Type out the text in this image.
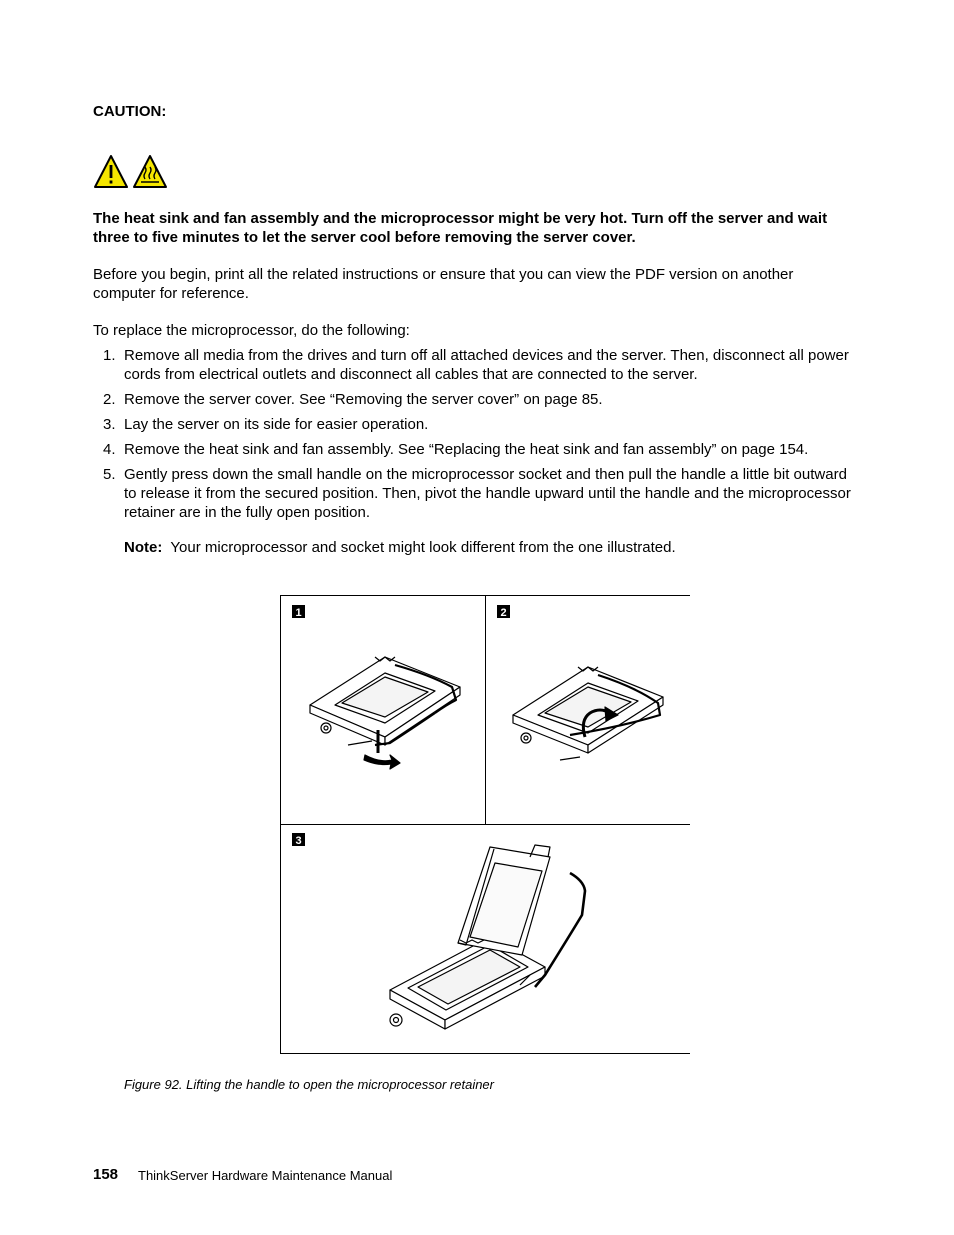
CAUTION:
The heat sink and fan assembly and the microprocessor might be very hot. Turn off the server and wait three to five minutes to let the server cool before removing the server cover.
Before you begin, print all the related instructions or ensure that you can view the PDF version on another computer for reference.
To replace the microprocessor, do the following:
1. Remove all media from the drives and turn off all attached devices and the server. Then, disconnect all power cords from electrical outlets and disconnect all cables that are connected to the server.
2. Remove the server cover. See “Removing the server cover” on page 85.
3. Lay the server on its side for easier operation.
4. Remove the heat sink and fan assembly. See “Replacing the heat sink and fan assembly” on page 154.
5. Gently press down the small handle on the microprocessor socket and then pull the handle a little bit outward to release it from the secured position. Then, pivot the handle upward until the handle and the microprocessor retainer are in the fully open position.
Note: Your microprocessor and socket might look different from the one illustrated.
1	2
3
Figure 92. Lifting the handle to open the microprocessor retainer
158 ThinkServer Hardware Maintenance Manual
